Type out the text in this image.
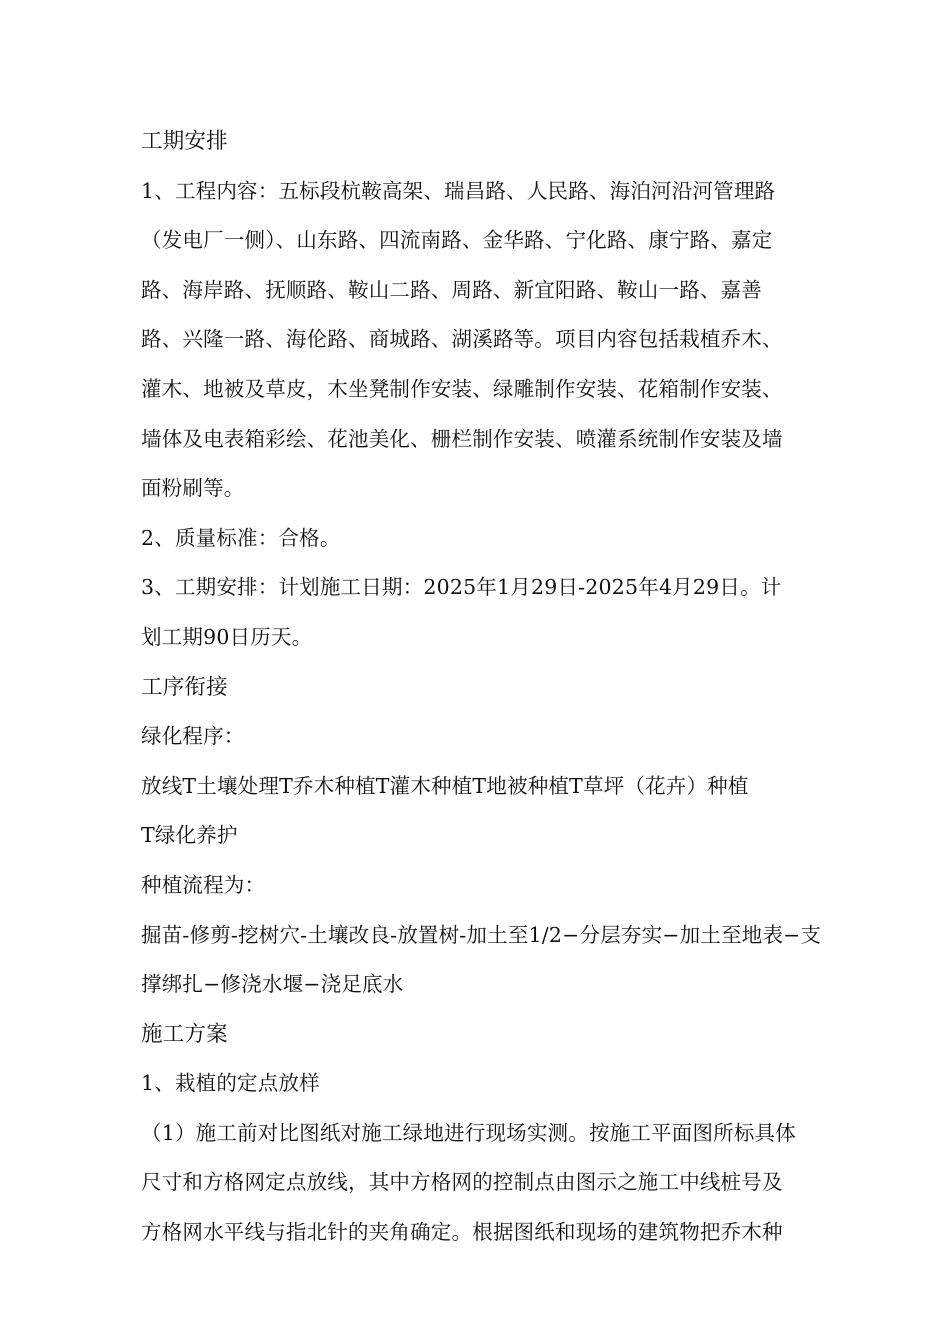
工期安排
1、工程内容：五标段杭鞍高架、瑞昌路、人民路、海泊河沿河管理路
（发电厂一侧）、山东路、四流南路、金华路、宁化路、康宁路、嘉定
路、海岸路、抚顺路、鞍山二路、周路、新宜阳路、鞍山一路、嘉善
路、兴隆一路、海伦路、商城路、湖溪路等。项目内容包括栽植乔木、
灌木、地被及草皮，木坐凳制作安装、绿雕制作安装、花箱制作安装、
墙体及电表箱彩绘、花池美化、栅栏制作安装、喷灌系统制作安装及墙
面粉刷等。
2、质量标准：合格。
3、工期安排：计划施工日期：2025年1月29日-2025年4月29日。计
划工期90日历天。
工序衔接
绿化程序：
放线T土壤处理T乔木种植T灌木种植T地被种植T草坪（花卉）种植
T绿化养护
种植流程为：
掘苗-修剪-挖树穴-土壤改良-放置树-加土至1/2−分层夯实−加土至地表−支
撑绑扎−修浇水堰−浇足底水
施工方案
1、栽植的定点放样
（1）施工前对比图纸对施工绿地进行现场实测。按施工平面图所标具体
尺寸和方格网定点放线，其中方格网的控制点由图示之施工中线桩号及
方格网水平线与指北针的夹角确定。根据图纸和现场的建筑物把乔木种
